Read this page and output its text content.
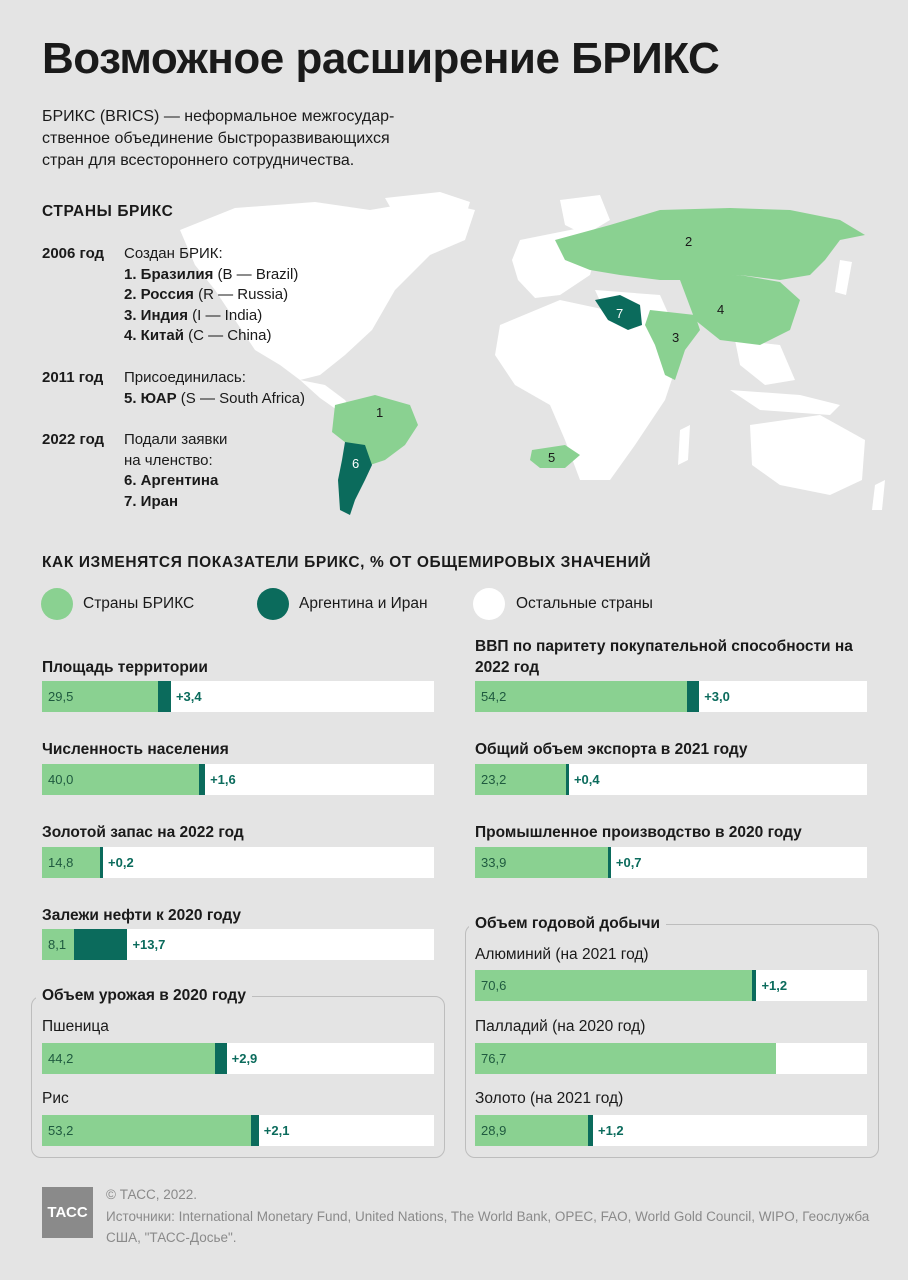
Возможное расширение БРИКС
БРИКС (BRICS) — неформальное межгосудар-ственное объединение быстроразвивающихся стран для всестороннего сотрудничества.
1
2
3
4
5
6
7
СТРАНЫ БРИКС
2006 год Создан БРИК:
1. Бразилия (B — Brazil)
2. Россия (R — Russia)
3. Индия (I — India)
4. Китай (C — China)
2011 год Присоединилась:
5. ЮАР (S — South Africa)
2022 год Подали заявки
на членство:
6. Аргентина
7. Иран
КАК ИЗМЕНЯТСЯ ПОКАЗАТЕЛИ БРИКС, % ОТ ОБЩЕМИРОВЫХ ЗНАЧЕНИЙ
Страны БРИКС	Аргентина и Иран	Остальные страны
Объем урожая в 2020 году
Объем годовой добычи
Площадь территории
29,5	+3,4
Численность населения
40,0	+1,6
Золотой запас на 2022 год
14,8	+0,2
Залежи нефти к 2020 году
8,1	+13,7
Пшеница
44,2	+2,9
Рис
53,2	+2,1
ВВП по паритету покупательной способности на 2022 год
54,2	+3,0
Общий объем экспорта в 2021 году
23,2	+0,4
Промышленное производство в 2020 году
33,9	+0,7
Алюминий (на 2021 год)
70,6	+1,2
Палладий (на 2020 год)
76,7
Золото (на 2021 год)
28,9	+1,2
ТАСС
© ТАСС, 2022.
Источники: International Monetary Fund, United Nations, The World Bank, OPEC, FAO, World Gold Council, WIPO, Геослужба США, "ТАСС-Досье".
